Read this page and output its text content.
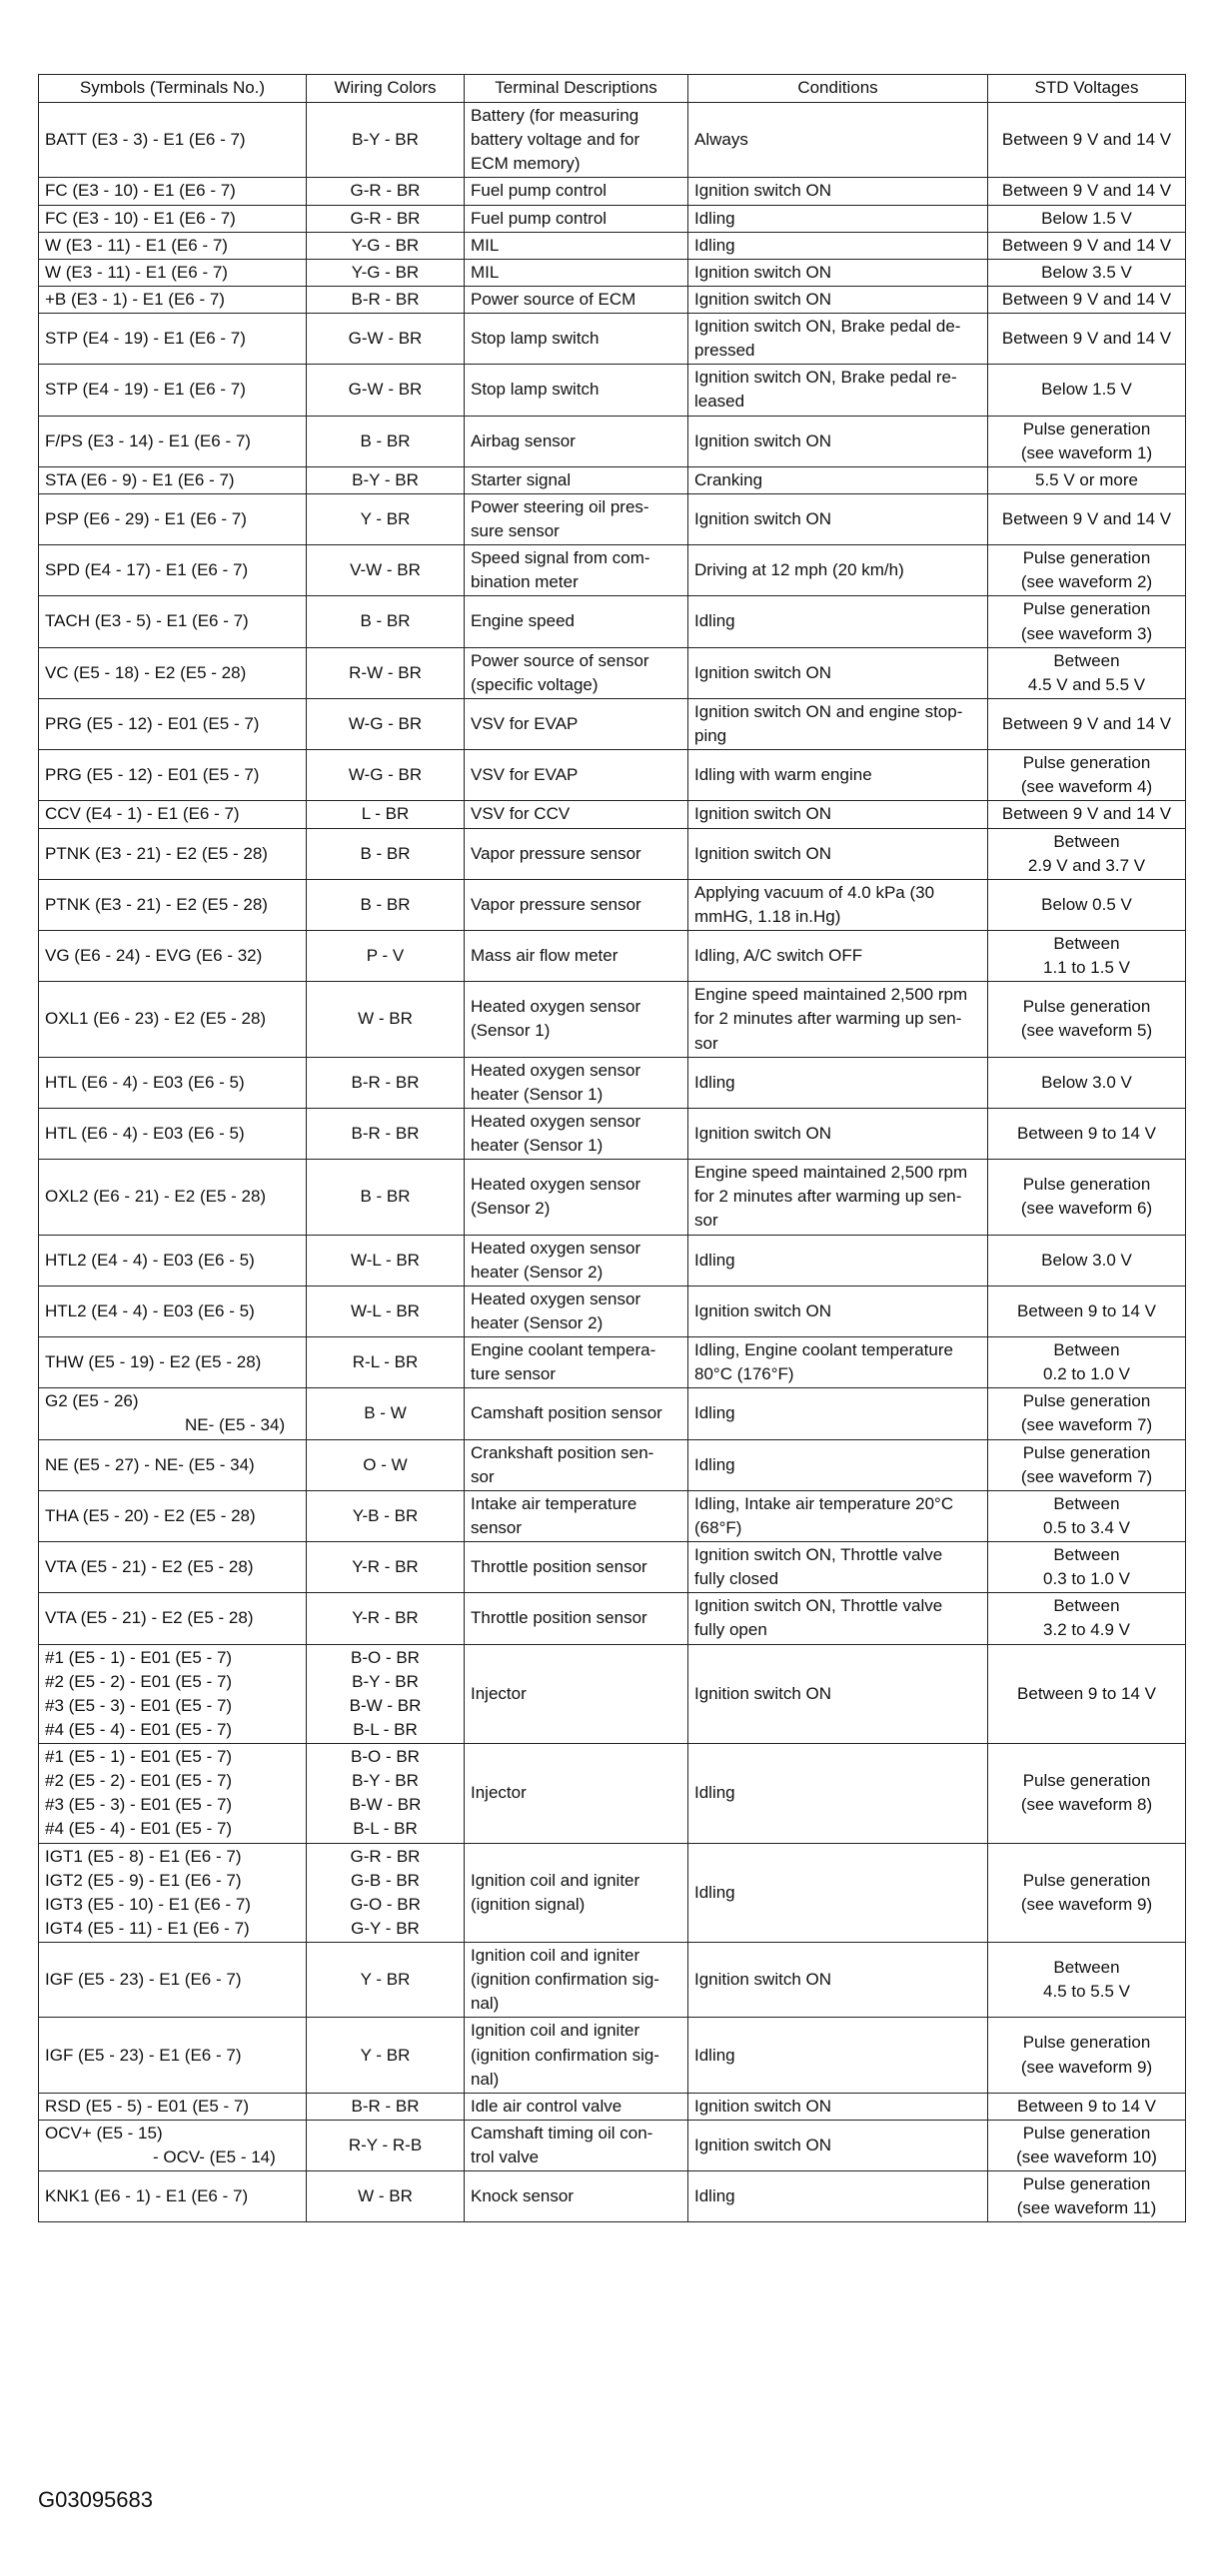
Symbols (Terminals No.)	Wiring Colors	Terminal Descriptions	Conditions	STD Voltages

BATT (E3 - 3) - E1 (E6 - 7)	B-Y - BR	Battery (for measuring
battery voltage and for
ECM memory)	Always	Between 9 V and 14 V

FC (E3 - 10) - E1 (E6 - 7)	G-R - BR	Fuel pump control	Ignition switch ON	Between 9 V and 14 V

FC (E3 - 10) - E1 (E6 - 7)	G-R - BR	Fuel pump control	Idling	Below 1.5 V

W (E3 - 11) - E1 (E6 - 7)	Y-G - BR	MIL	Idling	Between 9 V and 14 V

W (E3 - 11) - E1 (E6 - 7)	Y-G - BR	MIL	Ignition switch ON	Below 3.5 V

+B (E3 - 1) - E1 (E6 - 7)	B-R - BR	Power source of ECM	Ignition switch ON	Between 9 V and 14 V

STP (E4 - 19) - E1 (E6 - 7)	G-W - BR	Stop lamp switch	Ignition switch ON, Brake pedal de-
pressed	Between 9 V and 14 V

STP (E4 - 19) - E1 (E6 - 7)	G-W - BR	Stop lamp switch	Ignition switch ON, Brake pedal re-
leased	Below 1.5 V

F/PS (E3 - 14) - E1 (E6 - 7)	B - BR	Airbag sensor	Ignition switch ON	Pulse generation
(see waveform 1)

STA (E6 - 9) - E1 (E6 - 7)	B-Y - BR	Starter signal	Cranking	5.5 V or more

PSP (E6 - 29) - E1 (E6 - 7)	Y - BR	Power steering oil pres-
sure sensor	Ignition switch ON	Between 9 V and 14 V

SPD (E4 - 17) - E1 (E6 - 7)	V-W - BR	Speed signal from com-
bination meter	Driving at 12 mph (20 km/h)	Pulse generation
(see waveform 2)

TACH (E3 - 5) - E1 (E6 - 7)	B - BR	Engine speed	Idling	Pulse generation
(see waveform 3)

VC (E5 - 18) - E2 (E5 - 28)	R-W - BR	Power source of sensor
(specific voltage)	Ignition switch ON	Between
4.5 V and 5.5 V

PRG (E5 - 12) - E01 (E5 - 7)	W-G - BR	VSV for EVAP	Ignition switch ON and engine stop-
ping	Between 9 V and 14 V

PRG (E5 - 12) - E01 (E5 - 7)	W-G - BR	VSV for EVAP	Idling with warm engine	Pulse generation
(see waveform 4)

CCV (E4 - 1) - E1 (E6 - 7)	L - BR	VSV for CCV	Ignition switch ON	Between 9 V and 14 V

PTNK (E3 - 21) - E2 (E5 - 28)	B - BR	Vapor pressure sensor	Ignition switch ON	Between
2.9 V and 3.7 V

PTNK (E3 - 21) - E2 (E5 - 28)	B - BR	Vapor pressure sensor	Applying vacuum of 4.0 kPa (30
mmHG, 1.18 in.Hg)	Below 0.5 V

VG (E6 - 24) - EVG (E6 - 32)	P - V	Mass air flow meter	Idling, A/C switch OFF	Between
1.1 to 1.5 V

OXL1 (E6 - 23) - E2 (E5 - 28)	W - BR	Heated oxygen sensor
(Sensor 1)	Engine speed maintained 2,500 rpm
for 2 minutes after warming up sen-
sor	Pulse generation
(see waveform 5)

HTL (E6 - 4) - E03 (E6 - 5)	B-R - BR	Heated oxygen sensor
heater (Sensor 1)	Idling	Below 3.0 V

HTL (E6 - 4) - E03 (E6 - 5)	B-R - BR	Heated oxygen sensor
heater (Sensor 1)	Ignition switch ON	Between 9 to 14 V

OXL2 (E6 - 21) - E2 (E5 - 28)	B - BR	Heated oxygen sensor
(Sensor 2)	Engine speed maintained 2,500 rpm
for 2 minutes after warming up sen-
sor	Pulse generation
(see waveform 6)

HTL2 (E4 - 4) - E03 (E6 - 5)	W-L - BR	Heated oxygen sensor
heater (Sensor 2)	Idling	Below 3.0 V

HTL2 (E4 - 4) - E03 (E6 - 5)	W-L - BR	Heated oxygen sensor
heater (Sensor 2)	Ignition switch ON	Between 9 to 14 V

THW (E5 - 19) - E2 (E5 - 28)	R-L - BR	Engine coolant tempera-
ture sensor	Idling, Engine coolant temperature
80°C (176°F)	Between
0.2 to 1.0 V

G2 (E5 - 26)
NE- (E5 - 34)	B - W	Camshaft position sensor	Idling	Pulse generation
(see waveform 7)

NE (E5 - 27) - NE- (E5 - 34)	O - W	Crankshaft position sen-
sor	Idling	Pulse generation
(see waveform 7)

THA (E5 - 20) - E2 (E5 - 28)	Y-B - BR	Intake air temperature
sensor	Idling, Intake air temperature 20°C
(68°F)	Between
0.5 to 3.4 V

VTA (E5 - 21) - E2 (E5 - 28)	Y-R - BR	Throttle position sensor	Ignition switch ON, Throttle valve
fully closed	Between
0.3 to 1.0 V

VTA (E5 - 21) - E2 (E5 - 28)	Y-R - BR	Throttle position sensor	Ignition switch ON, Throttle valve
fully open	Between
3.2 to 4.9 V

#1 (E5 - 1) - E01 (E5 - 7)
#2 (E5 - 2) - E01 (E5 - 7)
#3 (E5 - 3) - E01 (E5 - 7)
#4 (E5 - 4) - E01 (E5 - 7)	B-O - BR
B-Y - BR
B-W - BR
B-L - BR	Injector	Ignition switch ON	Between 9 to 14 V

#1 (E5 - 1) - E01 (E5 - 7)
#2 (E5 - 2) - E01 (E5 - 7)
#3 (E5 - 3) - E01 (E5 - 7)
#4 (E5 - 4) - E01 (E5 - 7)	B-O - BR
B-Y - BR
B-W - BR
B-L - BR	Injector	Idling	Pulse generation
(see waveform 8)

IGT1 (E5 - 8) - E1 (E6 - 7)
IGT2 (E5 - 9) - E1 (E6 - 7)
IGT3 (E5 - 10) - E1 (E6 - 7)
IGT4 (E5 - 11) - E1 (E6 - 7)	G-R - BR
G-B - BR
G-O - BR
G-Y - BR	Ignition coil and igniter
(ignition signal)	Idling	Pulse generation
(see waveform 9)

IGF (E5 - 23) - E1 (E6 - 7)	Y - BR	Ignition coil and igniter
(ignition confirmation sig-
nal)	Ignition switch ON	Between
4.5 to 5.5 V

IGF (E5 - 23) - E1 (E6 - 7)	Y - BR	Ignition coil and igniter
(ignition confirmation sig-
nal)	Idling	Pulse generation
(see waveform 9)

RSD (E5 - 5) - E01 (E5 - 7)	B-R - BR	Idle air control valve	Ignition switch ON	Between 9 to 14 V

OCV+ (E5 - 15)
- OCV- (E5 - 14)	R-Y - R-B	Camshaft timing oil con-
trol valve	Ignition switch ON	Pulse generation
(see waveform 10)

KNK1 (E6 - 1) - E1 (E6 - 7)	W - BR	Knock sensor	Idling	Pulse generation
(see waveform 11)
G03095683
